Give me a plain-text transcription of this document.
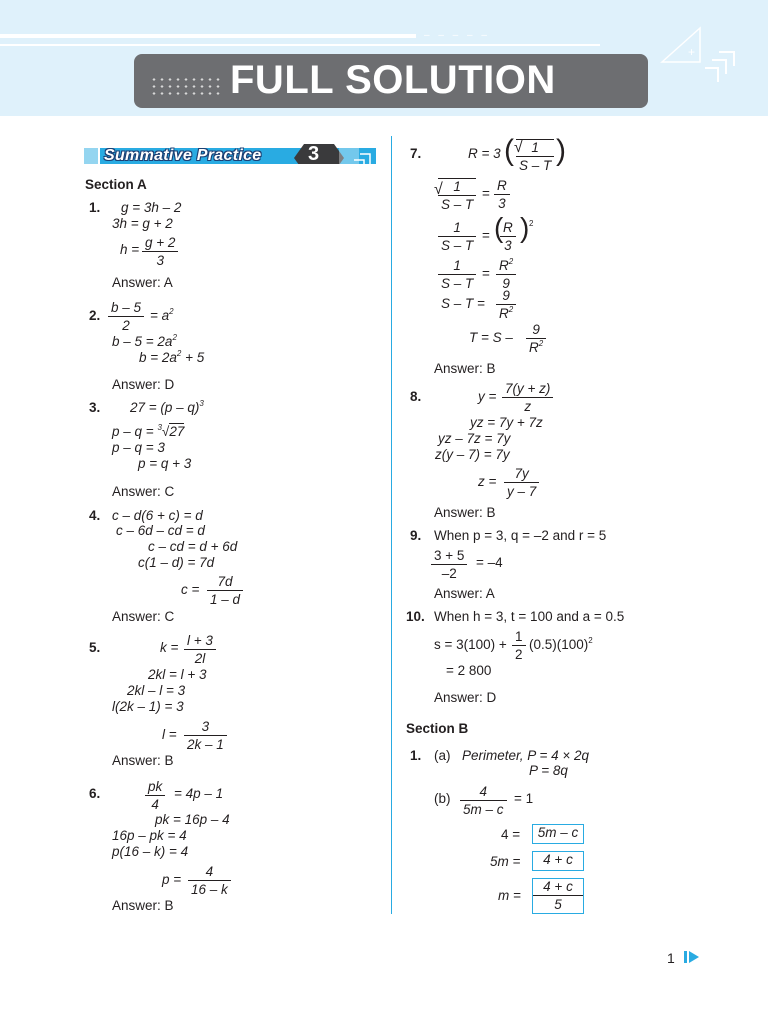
– – – – –
FULL SOLUTION
+
Summative Practice 3
Section A
1. g = 3h – 2
3h = g + 2
h = g + 2
3
Answer: A
2.
b – 5
2
= $a^2$
$b - 5 = 2a^2$
$b = 2a^2 + 5$
Answer: D
3. 27 = (p – q)$^3$
p – q = $^3$√27
p – q = 3
p = q + 3
Answer: C
4. c – d(6 + c) = d
c – 6d – cd = d
c – cd = d + 6d
c(1 – d) = 7d
c =
7d
1 – d
Answer: C
5.	k = l + 3
2l
2kl = l + 3
2kl – l = 3
l(2k – 1) = 3
l =
3
2k – 1
Answer: B
6.	pk
4
= 4p – 1
pk = 16p – 4
16p – pk = 4
p(16 – k) = 4
p =
4
16 – k
Answer: B
7.	R = 3 ( √ 1
S – T )
√ 1
S – T
=
R
3
1
S – T
= ( R
3
) 2
1
S – T
=
$R^2$
9
S – T =
9
$R^2$
T = S –
9
$R^2$
Answer: B
8.	y =
7(y + z)
z
yz = 7y + 7z
yz – 7z = 7y
z(y – 7) = 7y
z =
7y
y – 7
Answer: B
9. When p = 3, q = –2 and r = 5
3 + 5
–2
= –4
Answer: A
10. When h = 3, t = 100 and a = 0.5
s = 3(100) +
1
2
$(0.5)(100)^2$
= 2 800
Answer: D
Section B
1. (a) Perimeter, P = 4 × 2q
P = 8q
(b)	4
5m – c
= 1
4 =	5m – c
5m =	4 + c
m =
4 + c
5
1
